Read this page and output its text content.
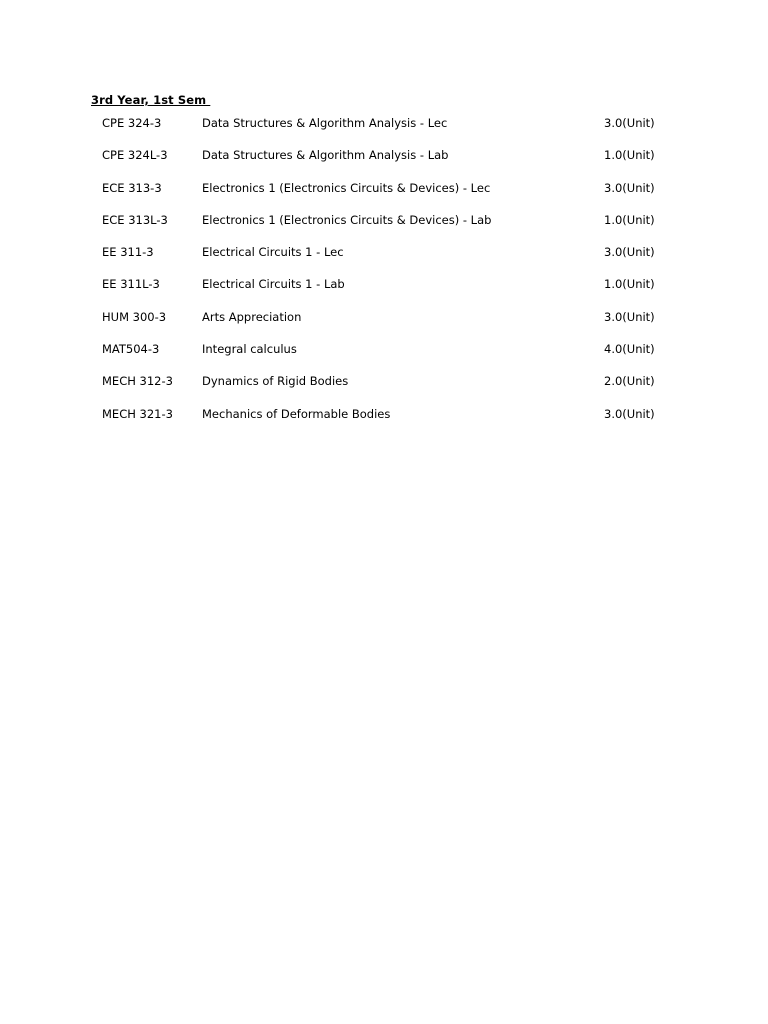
3rd Year, 1st Sem
CPE 324-3	Data Structures & Algorithm Analysis - Lec	3.0(Unit)
CPE 324L-3	Data Structures & Algorithm Analysis - Lab	1.0(Unit)
ECE 313-3	Electronics 1 (Electronics Circuits & Devices) - Lec	3.0(Unit)
ECE 313L-3	Electronics 1 (Electronics Circuits & Devices) - Lab	1.0(Unit)
EE 311-3	Electrical Circuits 1 - Lec	3.0(Unit)
EE 311L-3	Electrical Circuits 1 - Lab	1.0(Unit)
HUM 300-3	Arts Appreciation	3.0(Unit)
MAT504-3	Integral calculus	4.0(Unit)
MECH 312-3	Dynamics of Rigid Bodies	2.0(Unit)
MECH 321-3	Mechanics of Deformable Bodies	3.0(Unit)
